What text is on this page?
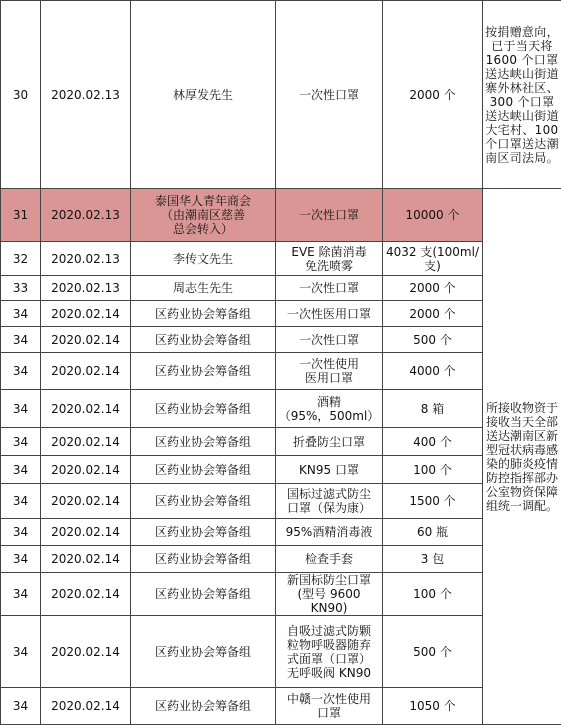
30	2020.02.13	林厚发先生	一次性口罩	2000 个	按捐赠意向，已于当天将1600 个口罩送达峡山街道寨外林社区、300 个口罩送达峡山街道大宅村、100 个口罩送达潮南区司法局。
31	2020.02.13	泰国华人青年商会
（由潮南区慈善
总会转入）	一次性口罩	10000 个	所接收物资于接收当天全部送达潮南区新型冠状病毒感染的肺炎疫情防控指挥部办公室物资保障组统一调配。
32	2020.02.13	李传文先生	EVE 除菌消毒
免洗喷雾	4032 支(100ml/支)	
33	2020.02.13	周志生先生	一次性口罩	2000 个	
34	2020.02.14	区药业协会筹备组	一次性医用口罩	2000 个	
34	2020.02.14	区药业协会筹备组	一次性口罩	500 个	
34	2020.02.14	区药业协会筹备组	一次性使用
医用口罩	4000 个	
34	2020.02.14	区药业协会筹备组	酒精
（95%，500ml）	8 箱	
34	2020.02.14	区药业协会筹备组	折叠防尘口罩	400 个	
34	2020.02.14	区药业协会筹备组	KN95 口罩	100 个	
34	2020.02.14	区药业协会筹备组	国标过滤式防尘
口罩（保为康）	1500 个	
34	2020.02.14	区药业协会筹备组	95%酒精消毒液	60 瓶	
34	2020.02.14	区药业协会筹备组	检查手套	3 包	
34	2020.02.14	区药业协会筹备组	新国标防尘口罩
(型号 9600 KN90)	100 个	
34	2020.02.14	区药业协会筹备组	自吸过滤式防颗
粒物呼吸器随弃
式面罩（口罩）
无呼吸阀 KN90	500 个	
34	2020.02.14	区药业协会筹备组	中赣一次性使用
口罩	1050 个	
